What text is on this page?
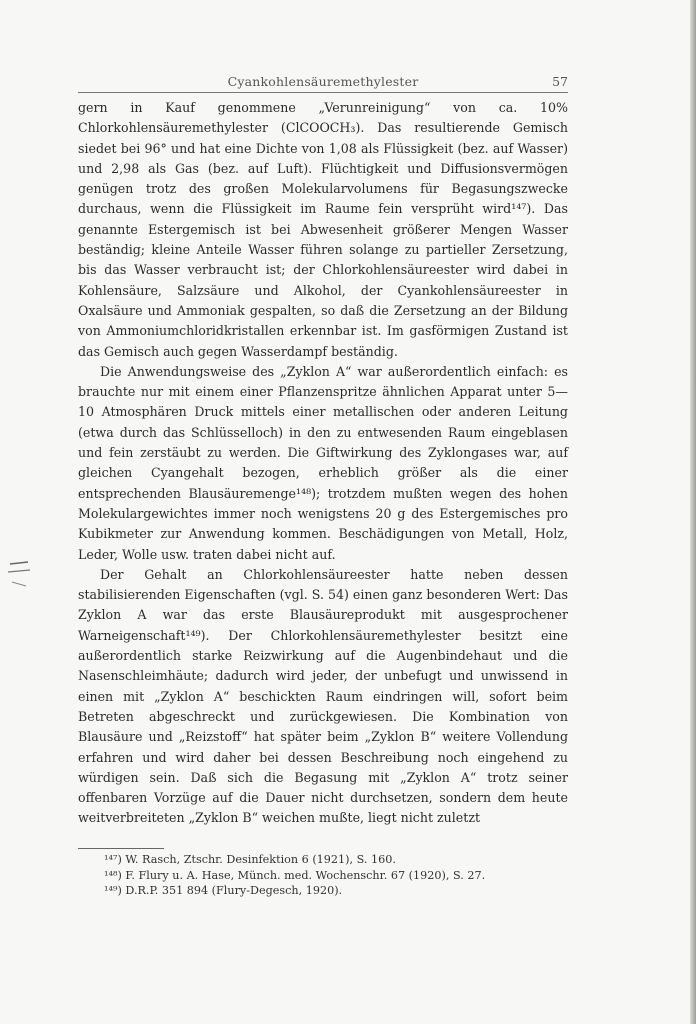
Cyankohlensäuremethylester	57

gern in Kauf genommene „Verunreinigung“ von ca. 10% Chlorkohlensäuremethylester (ClCOOCH₃). Das resultierende Gemisch siedet bei 96° und hat eine Dichte von 1,08 als Flüssigkeit (bez. auf Wasser) und 2,98 als Gas (bez. auf Luft). Flüchtigkeit und Diffusionsvermögen genügen trotz des großen Molekularvolumens für Begasungszwecke durchaus, wenn die Flüssigkeit im Raume fein versprüht wird¹⁴⁷). Das genannte Estergemisch ist bei Abwesenheit größerer Mengen Wasser beständig; kleine Anteile Wasser führen solange zu partieller Zersetzung, bis das Wasser verbraucht ist; der Chlorkohlensäureester wird dabei in Kohlensäure, Salzsäure und Alkohol, der Cyankohlensäureester in Oxalsäure und Ammoniak gespalten, so daß die Zersetzung an der Bildung von Ammoniumchloridkristallen erkennbar ist. Im gasförmigen Zustand ist das Gemisch auch gegen Wasserdampf beständig.

Die Anwendungsweise des „Zyklon A“ war außerordentlich einfach: es brauchte nur mit einem einer Pflanzenspritze ähnlichen Apparat unter 5—10 Atmosphären Druck mittels einer metallischen oder anderen Leitung (etwa durch das Schlüsselloch) in den zu entwesenden Raum eingeblasen und fein zerstäubt zu werden. Die Giftwirkung des Zyklongases war, auf gleichen Cyangehalt bezogen, erheblich größer als die einer entsprechenden Blausäuremenge¹⁴⁸); trotzdem mußten wegen des hohen Molekulargewichtes immer noch wenigstens 20 g des Estergemisches pro Kubikmeter zur Anwendung kommen. Beschädigungen von Metall, Holz, Leder, Wolle usw. traten dabei nicht auf.

Der Gehalt an Chlorkohlensäureester hatte neben dessen stabilisierenden Eigenschaften (vgl. S. 54) einen ganz besonderen Wert: Das Zyklon A war das erste Blausäureprodukt mit ausgesprochener Warneigenschaft¹⁴⁹). Der Chlorkohlensäuremethylester besitzt eine außerordentlich starke Reizwirkung auf die Augenbindehaut und die Nasenschleimhäute; dadurch wird jeder, der unbefugt und unwissend in einen mit „Zyklon A“ beschickten Raum eindringen will, sofort beim Betreten abgeschreckt und zurückgewiesen. Die Kombination von Blausäure und „Reizstoff“ hat später beim „Zyklon B“ weitere Vollendung erfahren und wird daher bei dessen Beschreibung noch eingehend zu würdigen sein. Daß sich die Begasung mit „Zyklon A“ trotz seiner offenbaren Vorzüge auf die Dauer nicht durchsetzen, sondern dem heute weitverbreiteten „Zyklon B“ weichen mußte, liegt nicht zuletzt

¹⁴⁷) W. Rasch, Ztschr. Desinfektion 6 (1921), S. 160.
¹⁴⁸) F. Flury u. A. Hase, Münch. med. Wochenschr. 67 (1920), S. 27.
¹⁴⁹) D.R.P. 351 894 (Flury-Degesch, 1920).
